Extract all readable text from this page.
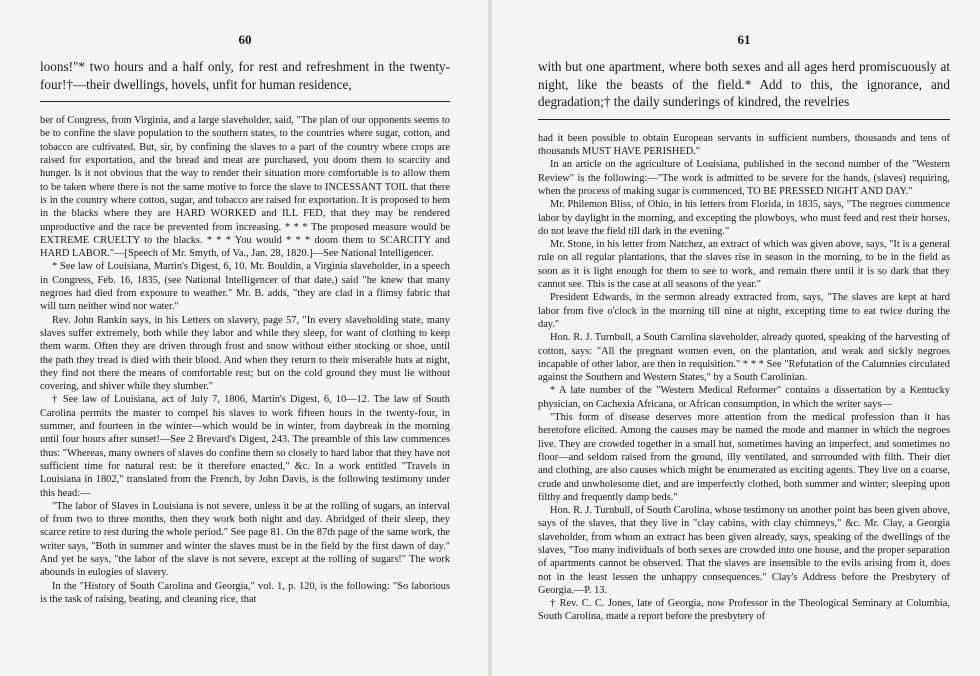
60
loons!"* two hours and a half only, for rest and refreshment in the twenty-four!†—their dwellings, hovels, unfit for human residence,

ber of Congress, from Virginia, and a large slaveholder, said, "The plan of our opponents seems to be to confine the slave population to the southern states, to the countries where sugar, cotton, and tobacco are cultivated. But, sir, by confining the slaves to a part of the country where crops are raised for exportation, and the bread and meat are purchased, you doom them to scarcity and hunger. Is it not obvious that the way to render their situation more comfortable is to allow them to be taken where there is not the same motive to force the slave to INCESSANT TOIL that there is in the country where cotton, sugar, and tobacco are raised for exportation. It is proposed to hem in the blacks where they are HARD WORKED and ILL FED, that they may be rendered unproductive and the race be prevented from increasing. * * * The proposed measure would be EXTREME CRUELTY to the blacks. * * * You would * * * doom them to SCARCITY and HARD LABOR."—[Speech of Mr. Smyth, of Va., Jan. 28, 1820.]—See National Intelligencer.

* See law of Louisiana, Martin's Digest, 6, 10. Mr. Bouldin, a Virginia slaveholder, in a speech in Congress, Feb. 16, 1835, (see National Intelligencer of that date,) said "he knew that many negroes had died from exposure to weather." Mr. B. adds, "they are clad in a flimsy fabric that will turn neither wind nor water."

Rev. John Rankin says, in his Letters on slavery, page 57, "In every slaveholding state, many slaves suffer extremely, both while they labor and while they sleep, for want of clothing to keep them warm. Often they are driven through frost and snow without either stocking or shoe, until the path they tread is died with their blood. And when they return to their miserable huts at night, they find not there the means of comfortable rest; but on the cold ground they must lie without covering, and shiver while they slumber."

† See law of Louisiana, act of July 7, 1806, Martin's Digest, 6, 10—12. The law of South Carolina permits the master to compel his slaves to work fifteen hours in the twenty-four, in summer, and fourteen in the winter—which would be in winter, from daybreak in the morning until four hours after sunset!—See 2 Brevard's Digest, 243. The preamble of this law commences thus: "Whereas, many owners of slaves do confine them so closely to hard labor that they have not sufficient time for natural rest: be it therefore enacted," &c. In a work entitled "Travels in Louisiana in 1802," translated from the French, by John Davis, is the following testimony under this head:—

"The labor of Slaves in Louisiana is not severe, unless it be at the rolling of sugars, an interval of from two to three months, then they work both night and day. Abridged of their sleep, they scarce retire to rest during the whole period." See page 81. On the 87th page of the same work, the writer says, "Both in summer and winter the slaves must be in the field by the first dawn of day." And yet he says, "the labor of the slave is not severe, except at the rolling of sugars!" The work abounds in eulogies of slavery.

In the "History of South Carolina and Georgia," vol. 1, p. 120, is the following: "So laborious is the task of raising, beating, and cleaning rice, that

61
with but one apartment, where both sexes and all ages herd promiscuously at night, like the beasts of the field.* Add to this, the ignorance, and degradation;† the daily sunderings of kindred, the revelries

had it been possible to obtain European servants in sufficient numbers, thousands and tens of thousands MUST HAVE PERISHED."

In an article on the agriculture of Louisiana, published in the second number of the "Western Review" is the following:—"The work is admitted to be severe for the hands, (slaves) requiring, when the process of making sugar is commenced, TO BE PRESSED NIGHT AND DAY."

Mr. Philemon Bliss, of Ohio, in his letters from Florida, in 1835, says, "The negroes commence labor by daylight in the morning, and excepting the plowboys, who must feed and rest their horses, do not leave the field till dark in the evening."

Mr. Stone, in his letter from Natchez, an extract of which was given above, says, "It is a general rule on all regular plantations, that the slaves rise in season in the morning, to be in the field as soon as it is light enough for them to see to work, and remain there until it is so dark that they cannot see. This is the case at all seasons of the year."

President Edwards, in the sermon already extracted from, says, "The slaves are kept at hard labor from five o'clock in the morning till nine at night, excepting time to eat twice during the day."

Hon. R. J. Turnbull, a South Carolina slaveholder, already quoted, speaking of the harvesting of cotton, says: "All the pregnant women even, on the plantation, and weak and sickly negroes incapable of other labor, are then in requisition." * * * See "Refutation of the Calumnies circulated against the Southern and Western States," by a South Carolinian.

* A late number of the "Western Medical Reformer" contains a dissertation by a Kentucky physician, on Cachexia Africana, or African consumption, in which the writer says—

"This form of disease deserves more attention from the medical profession than it has heretofore elicited. Among the causes may be named the mode and manner in which the negroes live. They are crowded together in a small hut, sometimes having an imperfect, and sometimes no floor—and seldom raised from the ground, illy ventilated, and surrounded with filth. Their diet and clothing, are also causes which might be enumerated as exciting agents. They live on a coarse, crude and unwholesome diet, and are imperfectly clothed, both summer and winter; sleeping upon filthy and frequently damp beds."

Hon. R. J. Turnbull, of South Carolina, whose testimony on another point has been given above, says of the slaves, that they live in "clay cabins, with clay chimneys," &c. Mr. Clay, a Georgia slaveholder, from whom an extract has been given already, says, speaking of the dwellings of the slaves, "Too many individuals of both sexes are crowded into one house, and the proper separation of apartments cannot be observed. That the slaves are insensible to the evils arising from it, does not in the least lessen the unhappy consequences." Clay's Address before the Presbytery of Georgia.—P. 13.

† Rev. C. C. Jones, late of Georgia, now Professor in the Theological Seminary at Columbia, South Carolina, made a report before the presbytery of
